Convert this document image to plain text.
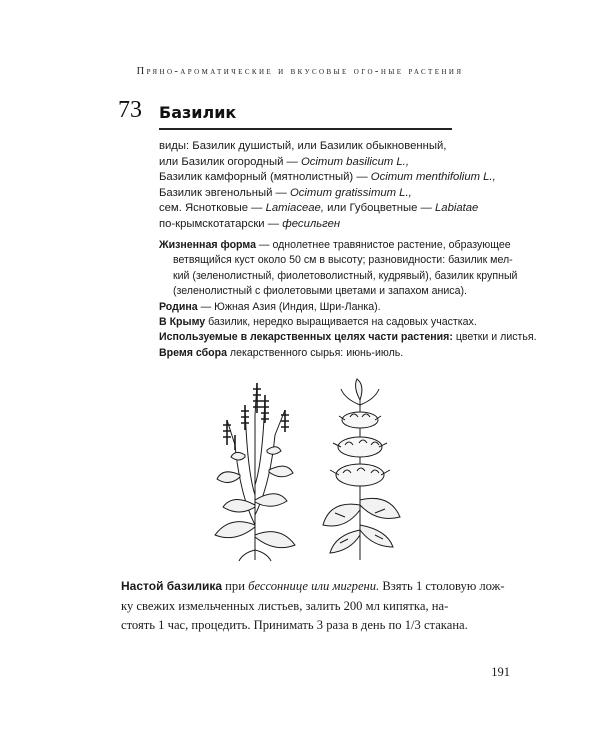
Пряно-ароматические и вкусовые ого-ные растения
73 Базилик
виды: Базилик душистый, или Базилик обыкновенный,
или Базилик огородный — Ocimum basilicum L.,
Базилик камфорный (мятнолистный) — Ocimum menthifolium L.,
Базилик эвгенольный — Ocimum gratissimum L.,
сем. Яснотковые — Lamiaceae, или Губоцветные — Labiatae
по-крымскотатарски — фесильген
Жизненная форма — однолетнее травянистое растение, образующее
ветвящийся куст около 50 см в высоту; разновидности: базилик мел-
кий (зеленолистный, фиолетоволистный, кудрявый), базилик крупный
(зеленолистный с фиолетовыми цветами и запахом аниса).
Родина — Южная Азия (Индия, Шри-Ланка).
В Крыму базилик, нередко выращивается на садовых участках.
Используемые в лекарственных целях части растения: цветки и листья.
Время сбора лекарственного сырья: июнь-июль.
Настой базилика при бессоннице или мигрени. Взять 1 столовую лож-
ку свежих измельченных листьев, залить 200 мл кипятка, на-
стоять 1 час, процедить. Принимать 3 раза в день по 1/3 стакана.
191
